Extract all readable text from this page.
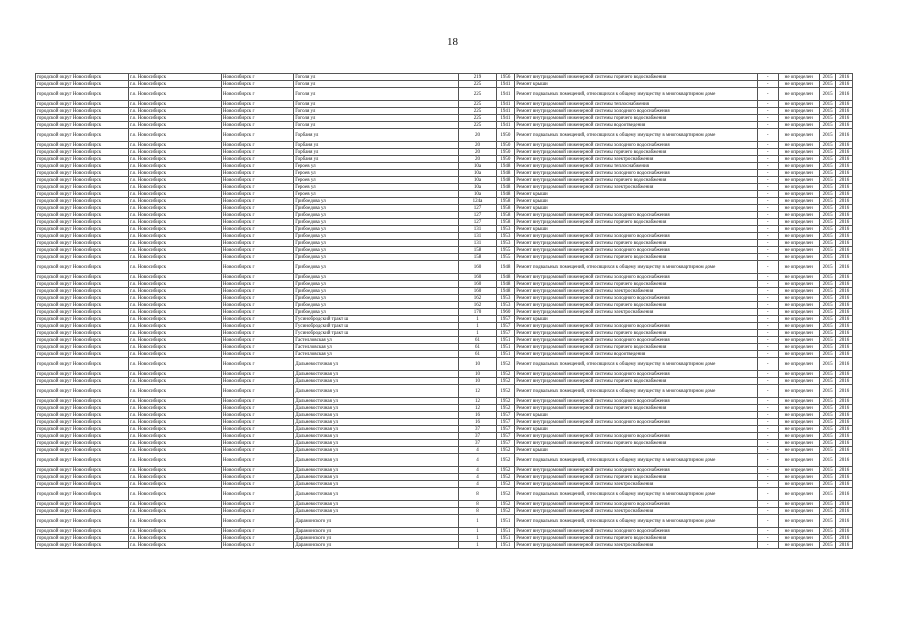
18
городской округ Новосибирск	г.о. Новосибирск	Новосибирск г	Гоголя ул	219	1956	Ремонт внутридомовой инженерной системы горячего водоснабжения	-	не определен	2015	2016
городской округ Новосибирск	г.о. Новосибирск	Новосибирск г	Гоголя ул	225	1941	Ремонт крыши	-	не определен	2015	2016
городской округ Новосибирск	г.о. Новосибирск	Новосибирск г	Гоголя ул	225	1941	Ремонт подвальных помещений, относящихся к общему имуществу в многоквартирном доме	-	не определен	2015	2016
городской округ Новосибирск	г.о. Новосибирск	Новосибирск г	Гоголя ул	225	1941	Ремонт внутридомовой инженерной системы теплоснабжения	-	не определен	2015	2016
городской округ Новосибирск	г.о. Новосибирск	Новосибирск г	Гоголя ул	225	1941	Ремонт внутридомовой инженерной системы холодного водоснабжения	-	не определен	2015	2016
городской округ Новосибирск	г.о. Новосибирск	Новосибирск г	Гоголя ул	225	1941	Ремонт внутридомовой инженерной системы горячего водоснабжения	-	не определен	2015	2016
городской округ Новосибирск	г.о. Новосибирск	Новосибирск г	Гоголя ул	225	1941	Ремонт внутридомовой инженерной системы водоотведения	-	не определен	2015	2016
городской округ Новосибирск	г.о. Новосибирск	Новосибирск г	Горбаня ул	20	1950	Ремонт подвальных помещений, относящихся к общему имуществу в многоквартирном доме	-	не определен	2015	2016
городской округ Новосибирск	г.о. Новосибирск	Новосибирск г	Горбаня ул	20	1950	Ремонт внутридомовой инженерной системы холодного водоснабжения	-	не определен	2015	2016
городской округ Новосибирск	г.о. Новосибирск	Новосибирск г	Горбаня ул	20	1950	Ремонт внутридомовой инженерной системы горячего водоснабжения	-	не определен	2015	2016
городской округ Новосибирск	г.о. Новосибирск	Новосибирск г	Горбаня ул	20	1950	Ремонт внутридомовой инженерной системы электроснабжения	-	не определен	2015	2016
городской округ Новосибирск	г.о. Новосибирск	Новосибирск г	Героев ул	10а	1948	Ремонт внутридомовой инженерной системы теплоснабжения	-	не определен	2015	2016
городской округ Новосибирск	г.о. Новосибирск	Новосибирск г	Героев ул	10а	1948	Ремонт внутридомовой инженерной системы холодного водоснабжения	-	не определен	2015	2016
городской округ Новосибирск	г.о. Новосибирск	Новосибирск г	Героев ул	10а	1948	Ремонт внутридомовой инженерной системы горячего водоснабжения	-	не определен	2015	2016
городской округ Новосибирск	г.о. Новосибирск	Новосибирск г	Героев ул	10а	1948	Ремонт внутридомовой инженерной системы электроснабжения	-	не определен	2015	2016
городской округ Новосибирск	г.о. Новосибирск	Новосибирск г	Героев ул	10а	1948	Ремонт крыши	-	не определен	2015	2016
городской округ Новосибирск	г.о. Новосибирск	Новосибирск г	Грибоедова ул	124а	1958	Ремонт крыши	-	не определен	2015	2016
городской округ Новосибирск	г.о. Новосибирск	Новосибирск г	Грибоедова ул	127	1958	Ремонт крыши	-	не определен	2015	2016
городской округ Новосибирск	г.о. Новосибирск	Новосибирск г	Грибоедова ул	127	1958	Ремонт внутридомовой инженерной системы холодного водоснабжения	-	не определен	2015	2016
городской округ Новосибирск	г.о. Новосибирск	Новосибирск г	Грибоедова ул	127	1958	Ремонт внутридомовой инженерной системы горячего водоснабжения	-	не определен	2015	2016
городской округ Новосибирск	г.о. Новосибирск	Новосибирск г	Грибоедова ул	131	1953	Ремонт крыши	-	не определен	2015	2016
городской округ Новосибирск	г.о. Новосибирск	Новосибирск г	Грибоедова ул	131	1953	Ремонт внутридомовой инженерной системы холодного водоснабжения	-	не определен	2015	2016
городской округ Новосибирск	г.о. Новосибирск	Новосибирск г	Грибоедова ул	131	1953	Ремонт внутридомовой инженерной системы горячего водоснабжения	-	не определен	2015	2016
городской округ Новосибирск	г.о. Новосибирск	Новосибирск г	Грибоедова ул	158	1955	Ремонт внутридомовой инженерной системы холодного водоснабжения	-	не определен	2015	2016
городской округ Новосибирск	г.о. Новосибирск	Новосибирск г	Грибоедова ул	158	1955	Ремонт внутридомовой инженерной системы горячего водоснабжения	-	не определен	2015	2016
городской округ Новосибирск	г.о. Новосибирск	Новосибирск г	Грибоедова ул	160	1948	Ремонт подвальных помещений, относящихся к общему имуществу в многоквартирном доме	-	не определен	2015	2016
городской округ Новосибирск	г.о. Новосибирск	Новосибирск г	Грибоедова ул	160	1948	Ремонт внутридомовой инженерной системы холодного водоснабжения	-	не определен	2015	2016
городской округ Новосибирск	г.о. Новосибирск	Новосибирск г	Грибоедова ул	160	1948	Ремонт внутридомовой инженерной системы горячего водоснабжения	-	не определен	2015	2016
городской округ Новосибирск	г.о. Новосибирск	Новосибирск г	Грибоедова ул	160	1948	Ремонт внутридомовой инженерной системы электроснабжения	-	не определен	2015	2016
городской округ Новосибирск	г.о. Новосибирск	Новосибирск г	Грибоедова ул	162	1953	Ремонт внутридомовой инженерной системы холодного водоснабжения	-	не определен	2015	2016
городской округ Новосибирск	г.о. Новосибирск	Новосибирск г	Грибоедова ул	162	1953	Ремонт внутридомовой инженерной системы горячего водоснабжения	-	не определен	2015	2016
городской округ Новосибирск	г.о. Новосибирск	Новосибирск г	Грибоедова ул	170	1960	Ремонт внутридомовой инженерной системы электроснабжения	-	не определен	2015	2016
городской округ Новосибирск	г.о. Новосибирск	Новосибирск г	Гусинобродский тракт ш	1	1957	Ремонт крыши	-	не определен	2015	2016
городской округ Новосибирск	г.о. Новосибирск	Новосибирск г	Гусинобродский тракт ш	1	1957	Ремонт внутридомовой инженерной системы холодного водоснабжения	-	не определен	2015	2016
городской округ Новосибирск	г.о. Новосибирск	Новосибирск г	Гусинобродский тракт ш	1	1957	Ремонт внутридомовой инженерной системы горячего водоснабжения	-	не определен	2015	2016
городской округ Новосибирск	г.о. Новосибирск	Новосибирск г	Гастелловская ул	61	1951	Ремонт внутридомовой инженерной системы холодного водоснабжения	-	не определен	2015	2016
городской округ Новосибирск	г.о. Новосибирск	Новосибирск г	Гастелловская ул	61	1951	Ремонт внутридомовой инженерной системы горячего водоснабжения	-	не определен	2015	2016
городской округ Новосибирск	г.о. Новосибирск	Новосибирск г	Гастелловская ул	61	1951	Ремонт внутридомовой инженерной системы водоотведения	-	не определен	2015	2016
городской округ Новосибирск	г.о. Новосибирск	Новосибирск г	Дальневосточная ул	10	1952	Ремонт подвальных помещений, относящихся к общему имуществу в многоквартирном доме	-	не определен	2015	2016
городской округ Новосибирск	г.о. Новосибирск	Новосибирск г	Дальневосточная ул	10	1952	Ремонт внутридомовой инженерной системы холодного водоснабжения	-	не определен	2015	2016
городской округ Новосибирск	г.о. Новосибирск	Новосибирск г	Дальневосточная ул	10	1952	Ремонт внутридомовой инженерной системы горячего водоснабжения	-	не определен	2015	2016
городской округ Новосибирск	г.о. Новосибирск	Новосибирск г	Дальневосточная ул	12	1952	Ремонт подвальных помещений, относящихся к общему имуществу в многоквартирном доме	-	не определен	2015	2016
городской округ Новосибирск	г.о. Новосибирск	Новосибирск г	Дальневосточная ул	12	1952	Ремонт внутридомовой инженерной системы холодного водоснабжения	-	не определен	2015	2016
городской округ Новосибирск	г.о. Новосибирск	Новосибирск г	Дальневосточная ул	12	1952	Ремонт внутридомовой инженерной системы горячего водоснабжения	-	не определен	2015	2016
городской округ Новосибирск	г.о. Новосибирск	Новосибирск г	Дальневосточная ул	16	1957	Ремонт крыши	-	не определен	2015	2016
городской округ Новосибирск	г.о. Новосибирск	Новосибирск г	Дальневосточная ул	16	1957	Ремонт внутридомовой инженерной системы холодного водоснабжения	-	не определен	2015	2016
городской округ Новосибирск	г.о. Новосибирск	Новосибирск г	Дальневосточная ул	37	1957	Ремонт крыши	-	не определен	2015	2016
городской округ Новосибирск	г.о. Новосибирск	Новосибирск г	Дальневосточная ул	37	1957	Ремонт внутридомовой инженерной системы холодного водоснабжения	-	не определен	2015	2016
городской округ Новосибирск	г.о. Новосибирск	Новосибирск г	Дальневосточная ул	37	1957	Ремонт внутридомовой инженерной системы горячего водоснабжения	-	не определен	2015	2016
городской округ Новосибирск	г.о. Новосибирск	Новосибирск г	Дальневосточная ул	4	1952	Ремонт крыши	-	не определен	2015	2016
городской округ Новосибирск	г.о. Новосибирск	Новосибирск г	Дальневосточная ул	4	1952	Ремонт подвальных помещений, относящихся к общему имуществу в многоквартирном доме	-	не определен	2015	2016
городской округ Новосибирск	г.о. Новосибирск	Новосибирск г	Дальневосточная ул	4	1952	Ремонт внутридомовой инженерной системы холодного водоснабжения	-	не определен	2015	2016
городской округ Новосибирск	г.о. Новосибирск	Новосибирск г	Дальневосточная ул	4	1952	Ремонт внутридомовой инженерной системы горячего водоснабжения	-	не определен	2015	2016
городской округ Новосибирск	г.о. Новосибирск	Новосибирск г	Дальневосточная ул	4	1952	Ремонт внутридомовой инженерной системы электроснабжения	-	не определен	2015	2016
городской округ Новосибирск	г.о. Новосибирск	Новосибирск г	Дальневосточная ул	8	1952	Ремонт подвальных помещений, относящихся к общему имуществу в многоквартирном доме	-	не определен	2015	2016
городской округ Новосибирск	г.о. Новосибирск	Новосибирск г	Дальневосточная ул	8	1952	Ремонт внутридомовой инженерной системы холодного водоснабжения	-	не определен	2015	2016
городской округ Новосибирск	г.о. Новосибирск	Новосибирск г	Дальневосточная ул	8	1952	Ремонт внутридомовой инженерной системы электроснабжения	-	не определен	2015	2016
городской округ Новосибирск	г.о. Новосибирск	Новосибирск г	Дарамонского ул	1	1951	Ремонт подвальных помещений, относящихся к общему имуществу в многоквартирном доме	-	не определен	2015	2016
городской округ Новосибирск	г.о. Новосибирск	Новосибирск г	Дарамонского ул	1	1951	Ремонт внутридомовой инженерной системы холодного водоснабжения	-	не определен	2015	2016
городской округ Новосибирск	г.о. Новосибирск	Новосибирск г	Дарамонского ул	1	1951	Ремонт внутридомовой инженерной системы горячего водоснабжения	-	не определен	2015	2016
городской округ Новосибирск	г.о. Новосибирск	Новосибирск г	Дарамонского ул	1	1951	Ремонт внутридомовой инженерной системы электроснабжения	-	не определен	2015	2016
